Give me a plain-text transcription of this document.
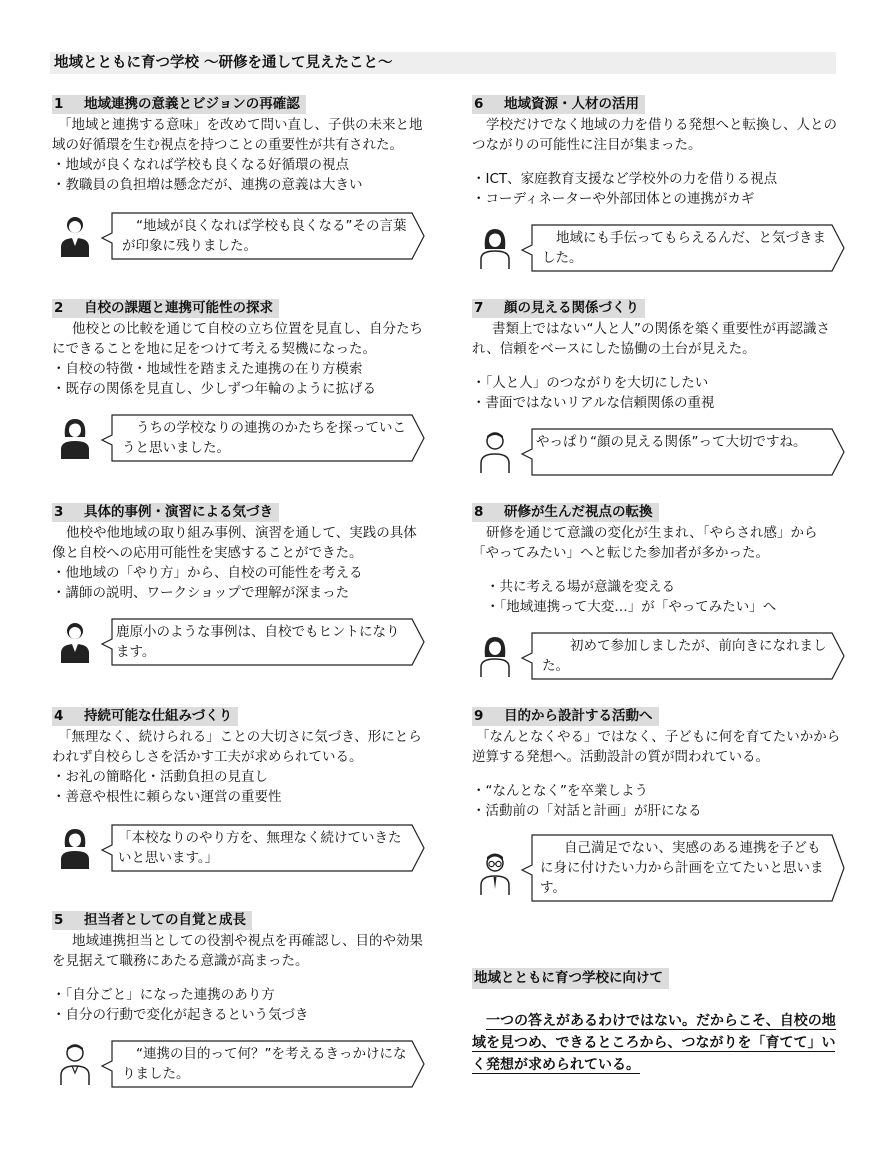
地域とともに育つ学校 ～研修を通して見えたこと～
1 地域連携の意義とビジョンの再確認

「地域と連携する意味」を改めて問い直し、子供の未来と地域の好循環を生む視点を持つことの重要性が共有された。

・地域が良くなれば学校も良くなる好循環の視点
・教職員の負担増は懸念だが、連携の意義は大きい
“地域が良くなれば学校も良くなる”その言葉が印象に残りました。
2 自校の課題と連携可能性の探求

他校との比較を通じて自校の立ち位置を見直し、自分たちにできることを地に足をつけて考える契機になった。

・自校の特徴・地域性を踏まえた連携の在り方模索
・既存の関係を見直し、少しずつ年輪のように拡げる
うちの学校なりの連携のかたちを探っていこうと思いました。
3 具体的事例・演習による気づき

他校や他地域の取り組み事例、演習を通して、実践の具体像と自校への応用可能性を実感することができた。

・他地域の「やり方」から、自校の可能性を考える
・講師の説明、ワークショップで理解が深まった
鹿原小のような事例は、自校でもヒントになります。
4 持続可能な仕組みづくり

「無理なく、続けられる」ことの大切さに気づき、形にとらわれず自校らしさを活かす工夫が求められている。

・お礼の簡略化・活動負担の見直し
・善意や根性に頼らない運営の重要性
「本校なりのやり方を、無理なく続けていきたいと思います。」
5 担当者としての自覚と成長

地域連携担当としての役割や視点を再確認し、目的や効果を見据えて職務にあたる意識が高まった。

・「自分ごと」になった連携のあり方
・自分の行動で変化が起きるという気づき
“連携の目的って何？”を考えるきっかけになりました。
6 地域資源・人材の活用

学校だけでなく地域の力を借りる発想へと転換し、人とのつながりの可能性に注目が集まった。

・ICT、家庭教育支援など学校外の力を借りる視点
・コーディネーターや外部団体との連携がカギ
地域にも手伝ってもらえるんだ、と気づきました。
7 顔の見える関係づくり

書類上ではない“人と人”の関係を築く重要性が再認識され、信頼をベースにした協働の土台が見えた。

・「人と人」のつながりを大切にしたい
・書面ではないリアルな信頼関係の重視
やっぱり“顔の見える関係”って大切ですね。
8 研修が生んだ視点の転換

研修を通じて意識の変化が生まれ、「やらされ感」から「やってみたい」へと転じた参加者が多かった。

・共に考える場が意識を変える
・「地域連携って大変…」が「やってみたい」へ
初めて参加しましたが、前向きになれました。
9 目的から設計する活動へ

「なんとなくやる」ではなく、子どもに何を育てたいかから逆算する発想へ。活動設計の質が問われている。

・“なんとなく”を卒業しよう
・活動前の「対話と計画」が肝になる
自己満足でない、実感のある連携を子どもに身に付けたい力から計画を立てたいと思います。
地域とともに育つ学校に向けて
一つの答えがあるわけではない。だからこそ、自校の地域を見つめ、できるところから、つながりを「育てて」いく発想が求められている。
